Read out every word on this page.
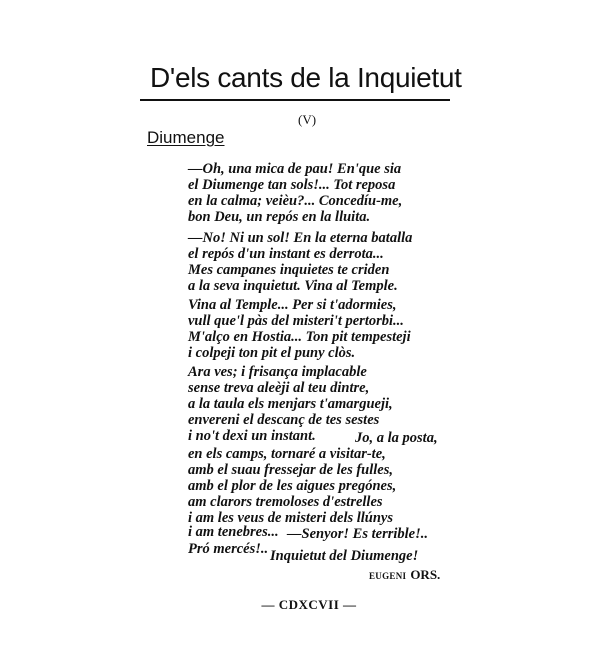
D'els cants de la Inquietut
(V)
Diumenge
—Oh, una mica de pau! En'que sia
el Diumenge tan sols!... Tot reposa
en la calma; veièu?... Concedíu-me,
bon Deu, un repós en la lluita.
—No! Ni un sol! En la eterna batalla
el repós d'un instant es derrota...
Mes campanes inquietes te criden
a la seva inquietut. Vina al Temple.
Vina al Temple... Per si t'adormies,
vull que'l pàs del misteri't pertorbi...
M'alço en Hostia... Ton pit tempesteji
i colpeji ton pit el puny clòs.
Ara ves; i frisança implacable
sense treva aleèji al teu dintre,
a la taula els menjars t'amargueji,
envereni el descanç de tes sestes
i no't dexi un instant.	Jo, a la posta,
en els camps, tornaré a visitar-te,
amb el suau fressejar de les fulles,
amb el plor de les aigues pregónes,
am clarors tremoloses d'estrelles
i am les veus de misteri dels llúnys
i am tenebres... —Senyor! Es terrible!..
Pró mercés!.. Inquietut del Diumenge!
EUGENI ORS.
— CDXCVII —
